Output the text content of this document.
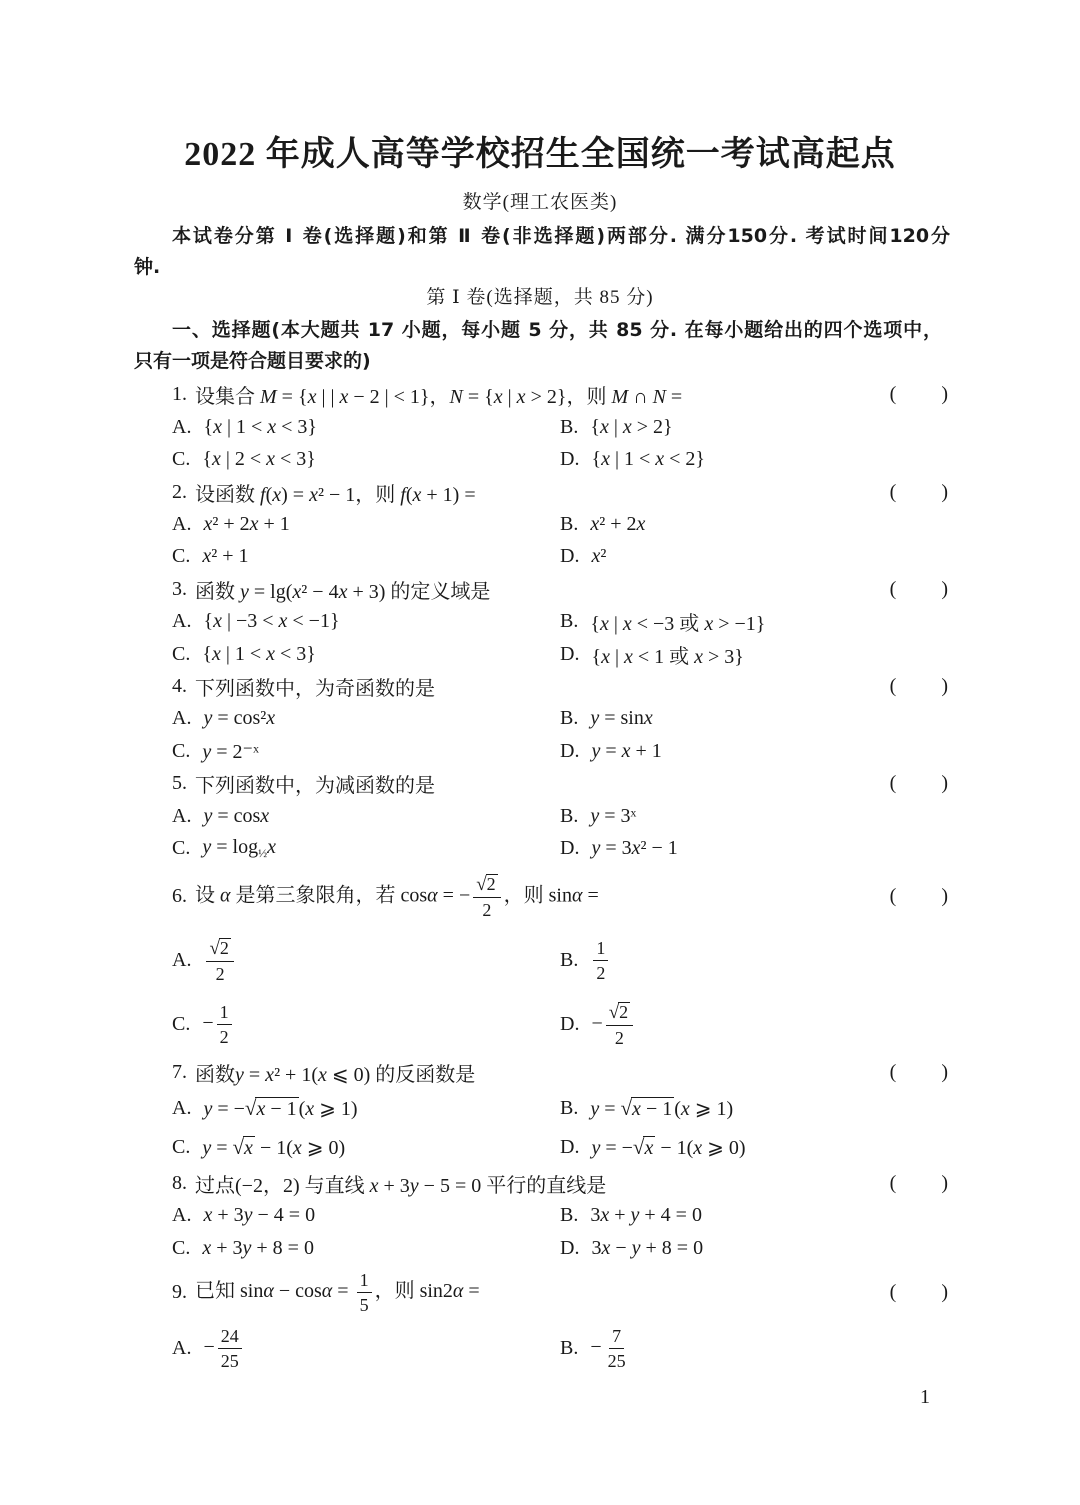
2022 年成人高等学校招生全国统一考试高起点
数学(理工农医类)
本试卷分第 Ⅰ 卷(选择题)和第 Ⅱ 卷(非选择题)两部分. 满分150分. 考试时间120分
钟.
第 Ⅰ 卷(选择题，共 85 分)
一、选择题(本大题共 17 小题，每小题 5 分，共 85 分. 在每小题给出的四个选项中，
只有一项是符合题目要求的)
1. 设集合 M = {x | | x − 2 | < 1}，N = {x | x > 2}，则 M ∩ N =	(         )
A. {x | 1 < x < 3}	B. {x | x > 2}
C. {x | 2 < x < 3}	D. {x | 1 < x < 2}
2. 设函数 f(x) = x² − 1，则 f(x + 1) =	(         )
A. x² + 2x + 1	B. x² + 2x
C. x² + 1	D. x²
3. 函数 y = lg(x² − 4x + 3) 的定义域是	(         )
A. {x | −3 < x < −1}	B. {x | x < −3 或 x > −1}
C. {x | 1 < x < 3}	D. {x | x < 1 或 x > 3}
4. 下列函数中，为奇函数的是	(         )
A. y = cos²x	B. y = sinx
C. y = 2⁻ˣ	D. y = x + 1
5. 下列函数中，为减函数的是	(         )
A. y = cosx	B. y = 3ˣ
C. $y = \log_{\frac{1}{2}}x$	D. y = 3x² − 1
6. 设 α 是第三象限角，若 cosα = − $\frac{√2}{2}$ ，则 sinα =	(         )
A. $\frac{√2}{2}$	B. $\frac{1}{2}$
C. − $\frac{1}{2}$	D. − $\frac{√2}{2}$
7. 函数y = x² + 1(x ⩽ 0) 的反函数是	(         )
A. y = −√x − 1 (x ⩾ 1)	B. y = √x − 1 (x ⩾ 1)
C. y = √x − 1(x ⩾ 0)	D. y = −√x − 1(x ⩾ 0)
8. 过点(−2，2) 与直线 x + 3y − 5 = 0 平行的直线是	(         )
A. x + 3y − 4 = 0	B. 3x + y + 4 = 0
C. x + 3y + 8 = 0	D. 3x − y + 8 = 0
9. 已知 $\sin\alpha - \cos\alpha = \frac{1}{5}$ ，则 sin2α =	(         )
A. − $\frac{24}{25}$	B. − $\frac{7}{25}$
1
